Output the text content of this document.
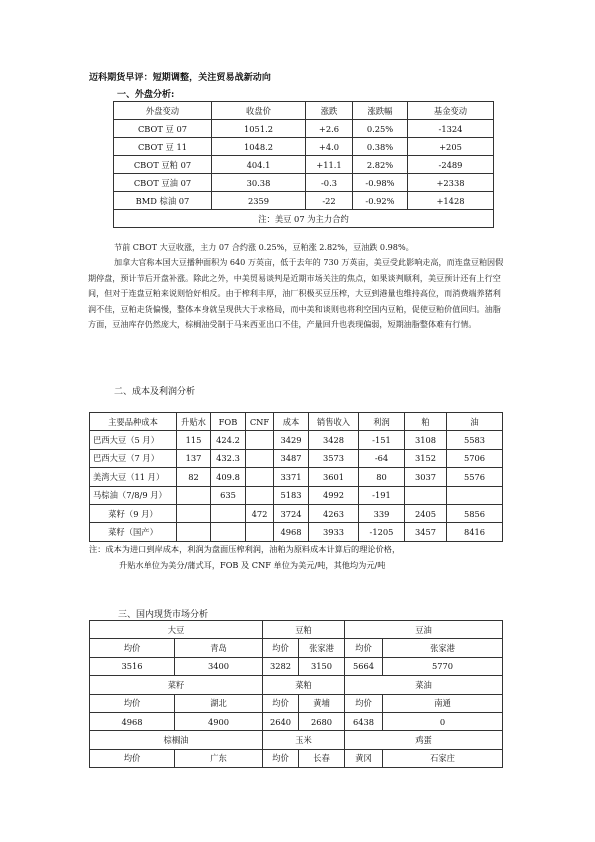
迈科期货早评：短期调整，关注贸易战新动向
一、外盘分析:
外盘变动	收盘价	涨跌	涨跌幅	基金变动
CBOT 豆 07	1051.2	+2.6	0.25%	-1324
CBOT 豆 11	1048.2	+4.0	0.38%	+205
CBOT 豆粕 07	404.1	+11.1	2.82%	-2489
CBOT 豆油 07	30.38	-0.3	-0.98%	+2338
BMD 棕油 07	2359	-22	-0.92%	+1428
注：美豆 07 为主力合约				
节前 CBOT 大豆收涨，主力 07 合约涨 0.25%，豆粕涨 2.82%，豆油跌 0.98%。
加拿大官称本国大豆播种面积为 640 万英亩，低于去年的 730 万英亩，美豆受此影响走高，而连盘豆粕因假期停盘，预计节后开盘补涨。除此之外，中美贸易谈判是近期市场关注的焦点，如果谈判顺利，美豆预计还有上行空间，但对于连盘豆粕来说则恰好相反。由于榨利丰厚，油厂积极买豆压榨，大豆到港量也维持高位，而消费端养猪利润不佳，豆粕走货偏慢，整体本身就呈现供大于求格局，而中美和谈则也将利空国内豆粕，促使豆粕价值回归。油脂方面，豆油库存仍然庞大，棕榈油受制于马来西亚出口不佳，产量回升也表现偏弱，短期油脂整体难有行情。
二、成本及利润分析
主要品种成本	升贴水	FOB	CNF	成本	销售收入	利润	粕	油
巴西大豆（5 月）	115	424.2		3429	3428	-151	3108	5583
巴西大豆（7 月）	137	432.3		3487	3573	-64	3152	5706
美湾大豆（11 月）	82	409.8		3371	3601	80	3037	5576
马棕油（7/8/9 月）		635		5183	4992	-191		
菜籽（9 月）			472	3724	4263	339	2405	5856
菜籽（国产）				4968	3933	-1205	3457	8416
注：成本为进口到岸成本，利润为盘面压榨利润，油粕为原料成本计算后的理论价格，
升贴水单位为美分/蒲式耳，FOB 及 CNF 单位为美元/吨，其他均为元/吨
三、国内现货市场分析
大豆		豆粕		豆油	
均价	青岛	均价	张家港	均价	张家港
3516	3400	3282	3150	5664	5770
菜籽		菜粕		菜油	
均价	湖北	均价	黄埔	均价	南通
4968	4900	2640	2680	6438	0
棕榈油		玉米		鸡蛋	
均价	广东	均价	长春	黄冈	石家庄
